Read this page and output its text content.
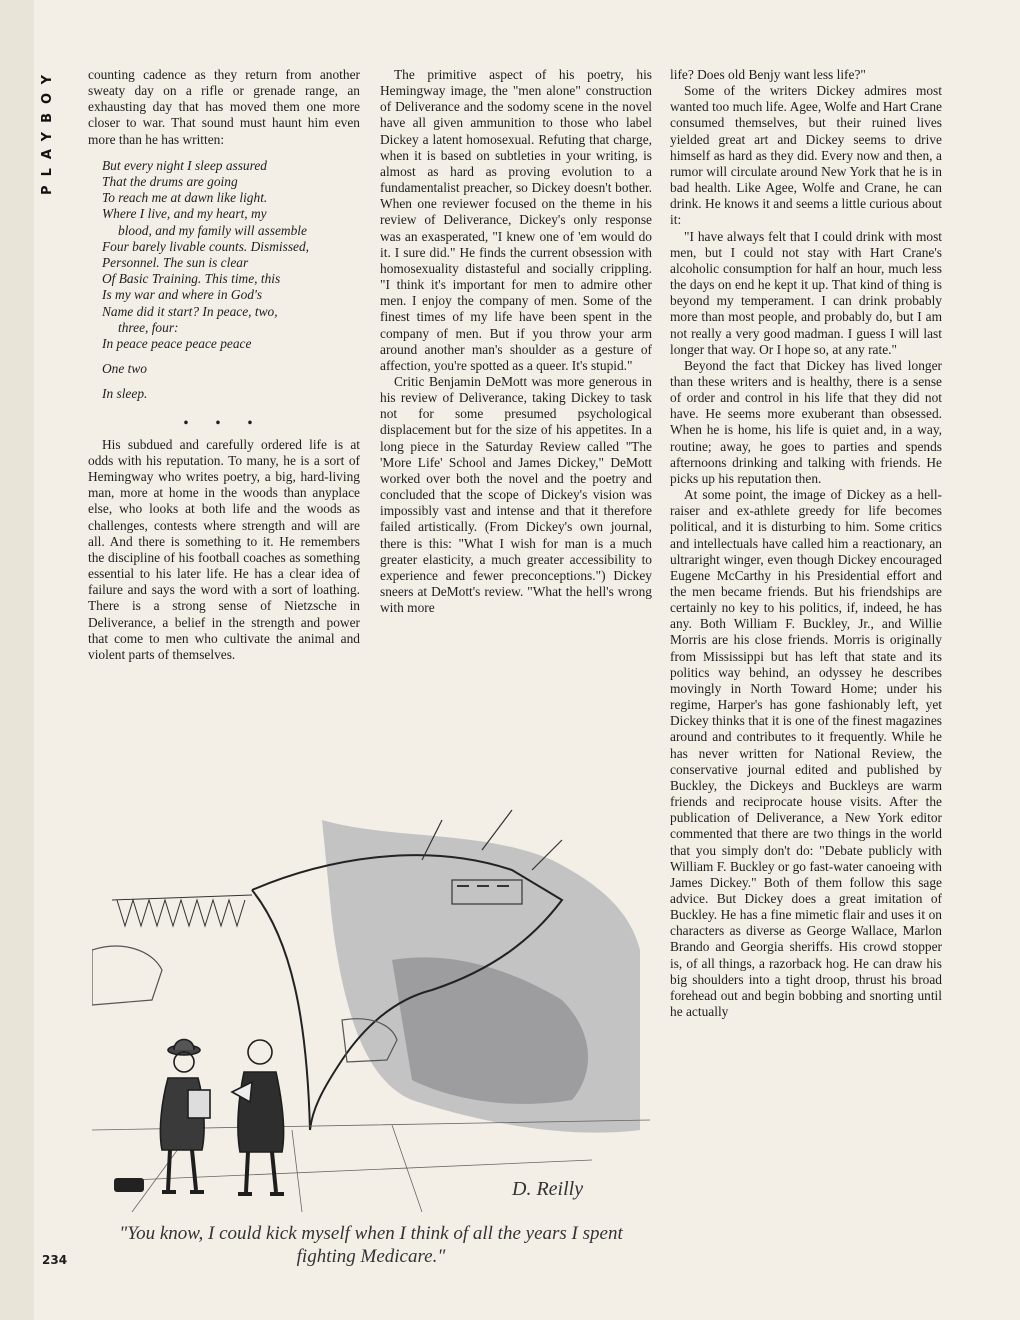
PLAYBOY counting cadence as they return from another sweaty day on a rifle or grenade range, an exhausting day that has moved them one more closer to war. That sound must haunt him even more than he has written:

But every night I sleep assured
That the drums are going
To reach me at dawn like light.
Where I live, and my heart, my
blood, and my family will assemble
Four barely livable counts. Dismissed,
Personnel. The sun is clear
Of Basic Training. This time, this
Is my war and where in God's
Name did it start? In peace, two,
three, four:
In peace peace peace peace
One two
In sleep.
• • •

His subdued and carefully ordered life is at odds with his reputation. To many, he is a sort of Hemingway who writes poetry, a big, hard-living man, more at home in the woods than anyplace else, who looks at both life and the woods as challenges, contests where strength and will are all. And there is something to it. He remembers the discipline of his football coaches as something essential to his later life. He has a clear idea of failure and says the word with a sort of loathing. There is a strong sense of Nietzsche in Deliverance, a belief in the strength and power that come to men who cultivate the animal and violent parts of themselves.

The primitive aspect of his poetry, his Hemingway image, the "men alone" construction of Deliverance and the sodomy scene in the novel have all given ammunition to those who label Dickey a latent homosexual. Refuting that charge, when it is based on subtleties in your writing, is almost as hard as proving evolution to a fundamentalist preacher, so Dickey doesn't bother. When one reviewer focused on the theme in his review of Deliverance, Dickey's only response was an exasperated, "I knew one of 'em would do it. I sure did." He finds the current obsession with homosexuality distasteful and socially crippling. "I think it's important for men to admire other men. I enjoy the company of men. Some of the finest times of my life have been spent in the company of men. But if you throw your arm around another man's shoulder as a gesture of affection, you're spotted as a queer. It's stupid."

Critic Benjamin DeMott was more generous in his review of Deliverance, taking Dickey to task not for some presumed psychological displacement but for the size of his appetites. In a long piece in the Saturday Review called "The 'More Life' School and James Dickey," DeMott worked over both the novel and the poetry and concluded that the scope of Dickey's vision was impossibly vast and intense and that it therefore failed artistically. (From Dickey's own journal, there is this: "What I wish for man is a much greater elasticity, a much greater accessibility to experience and fewer preconceptions.") Dickey sneers at DeMott's review. "What the hell's wrong with more

life? Does old Benjy want less life?"

Some of the writers Dickey admires most wanted too much life. Agee, Wolfe and Hart Crane consumed themselves, but their ruined lives yielded great art and Dickey seems to drive himself as hard as they did. Every now and then, a rumor will circulate around New York that he is in bad health. Like Agee, Wolfe and Crane, he can drink. He knows it and seems a little curious about it:

"I have always felt that I could drink with most men, but I could not stay with Hart Crane's alcoholic consumption for half an hour, much less the days on end he kept it up. That kind of thing is beyond my temperament. I can drink probably more than most people, and probably do, but I am not really a very good madman. I guess I will last longer that way. Or I hope so, at any rate."

Beyond the fact that Dickey has lived longer than these writers and is healthy, there is a sense of order and control in his life that they did not have. He seems more exuberant than obsessed. When he is home, his life is quiet and, in a way, routine; away, he goes to parties and spends afternoons drinking and talking with friends. He picks up his reputation then.

At some point, the image of Dickey as a hell-raiser and ex-athlete greedy for life becomes political, and it is disturbing to him. Some critics and intellectuals have called him a reactionary, an ultraright winger, even though Dickey encouraged Eugene McCarthy in his Presidential effort and the men became friends. But his friendships are certainly no key to his politics, if, indeed, he has any. Both William F. Buckley, Jr., and Willie Morris are his close friends. Morris is originally from Mississippi but has left that state and its politics way behind, an odyssey he describes movingly in North Toward Home; under his regime, Harper's has gone fashionably left, yet Dickey thinks that it is one of the finest magazines around and contributes to it frequently. While he has never written for National Review, the conservative journal edited and published by Buckley, the Dickeys and Buckleys are warm friends and reciprocate house visits. After the publication of Deliverance, a New York editor commented that there are two things in the world that you simply don't do: "Debate publicly with William F. Buckley or go fast-water canoeing with James Dickey." Both of them follow this sage advice. But Dickey does a great imitation of Buckley. He has a fine mimetic flair and uses it on characters as diverse as George Wallace, Marlon Brando and Georgia sheriffs. His crowd stopper is, of all things, a razorback hog. He can draw his big shoulders into a tight droop, thrust his broad forehead out and begin bobbing and snorting until he actually

D. Reilly
"You know, I could kick myself when I think of all the years I spent fighting Medicare."
234
